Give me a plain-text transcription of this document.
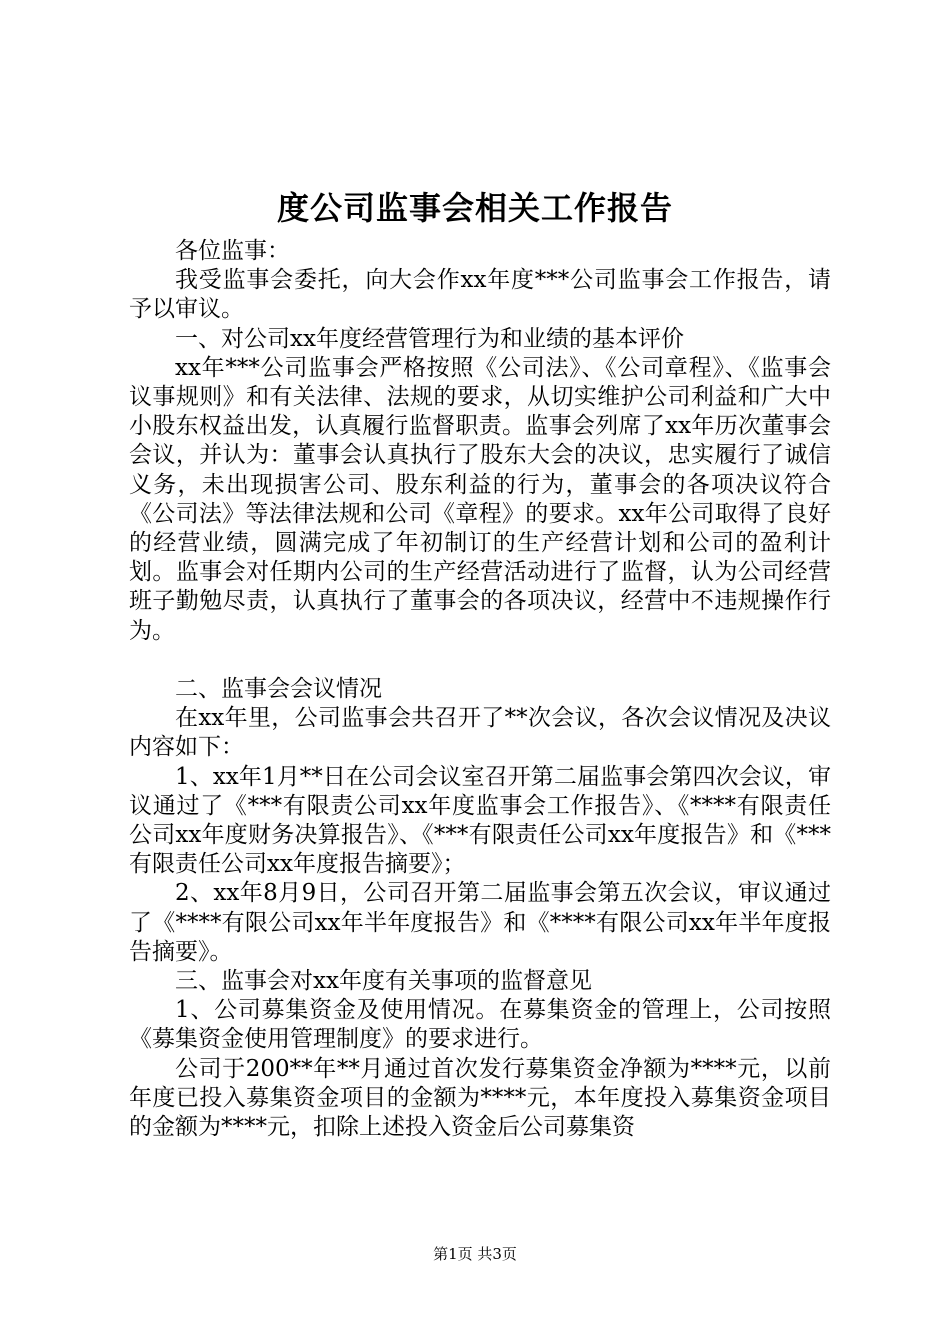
度公司监事会相关工作报告

各位监事：

我受监事会委托，向大会作xx年度***公司监事会工作报告，请予以审议。

一、对公司xx年度经营管理行为和业绩的基本评价

xx年***公司监事会严格按照《公司法》、《公司章程》、《监事会议事规则》和有关法律、法规的要求，从切实维护公司利益和广大中小股东权益出发，认真履行监督职责。监事会列席了xx年历次董事会会议，并认为：董事会认真执行了股东大会的决议，忠实履行了诚信义务，未出现损害公司、股东利益的行为，董事会的各项决议符合《公司法》等法律法规和公司《章程》的要求。xx年公司取得了良好的经营业绩，圆满完成了年初制订的生产经营计划和公司的盈利计划。监事会对任期内公司的生产经营活动进行了监督，认为公司经营班子勤勉尽责，认真执行了董事会的各项决议，经营中不违规操作行为。

二、监事会会议情况

在xx年里，公司监事会共召开了**次会议，各次会议情况及决议内容如下：

1、xx年1月**日在公司会议室召开第二届监事会第四次会议，审议通过了《***有限责公司xx年度监事会工作报告》、《****有限责任公司xx年度财务决算报告》、《***有限责任公司xx年度报告》和《***有限责任公司xx年度报告摘要》；

2、xx年8月9日，公司召开第二届监事会第五次会议，审议通过了《****有限公司xx年半年度报告》和《****有限公司xx年半年度报告摘要》。

三、监事会对xx年度有关事项的监督意见

1、公司募集资金及使用情况。在募集资金的管理上，公司按照《募集资金使用管理制度》的要求进行。

公司于200**年**月通过首次发行募集资金净额为****元，以前年度已投入募集资金项目的金额为****元，本年度投入募集资金项目的金额为****元，扣除上述投入资金后公司募集资

第1页 共3页
